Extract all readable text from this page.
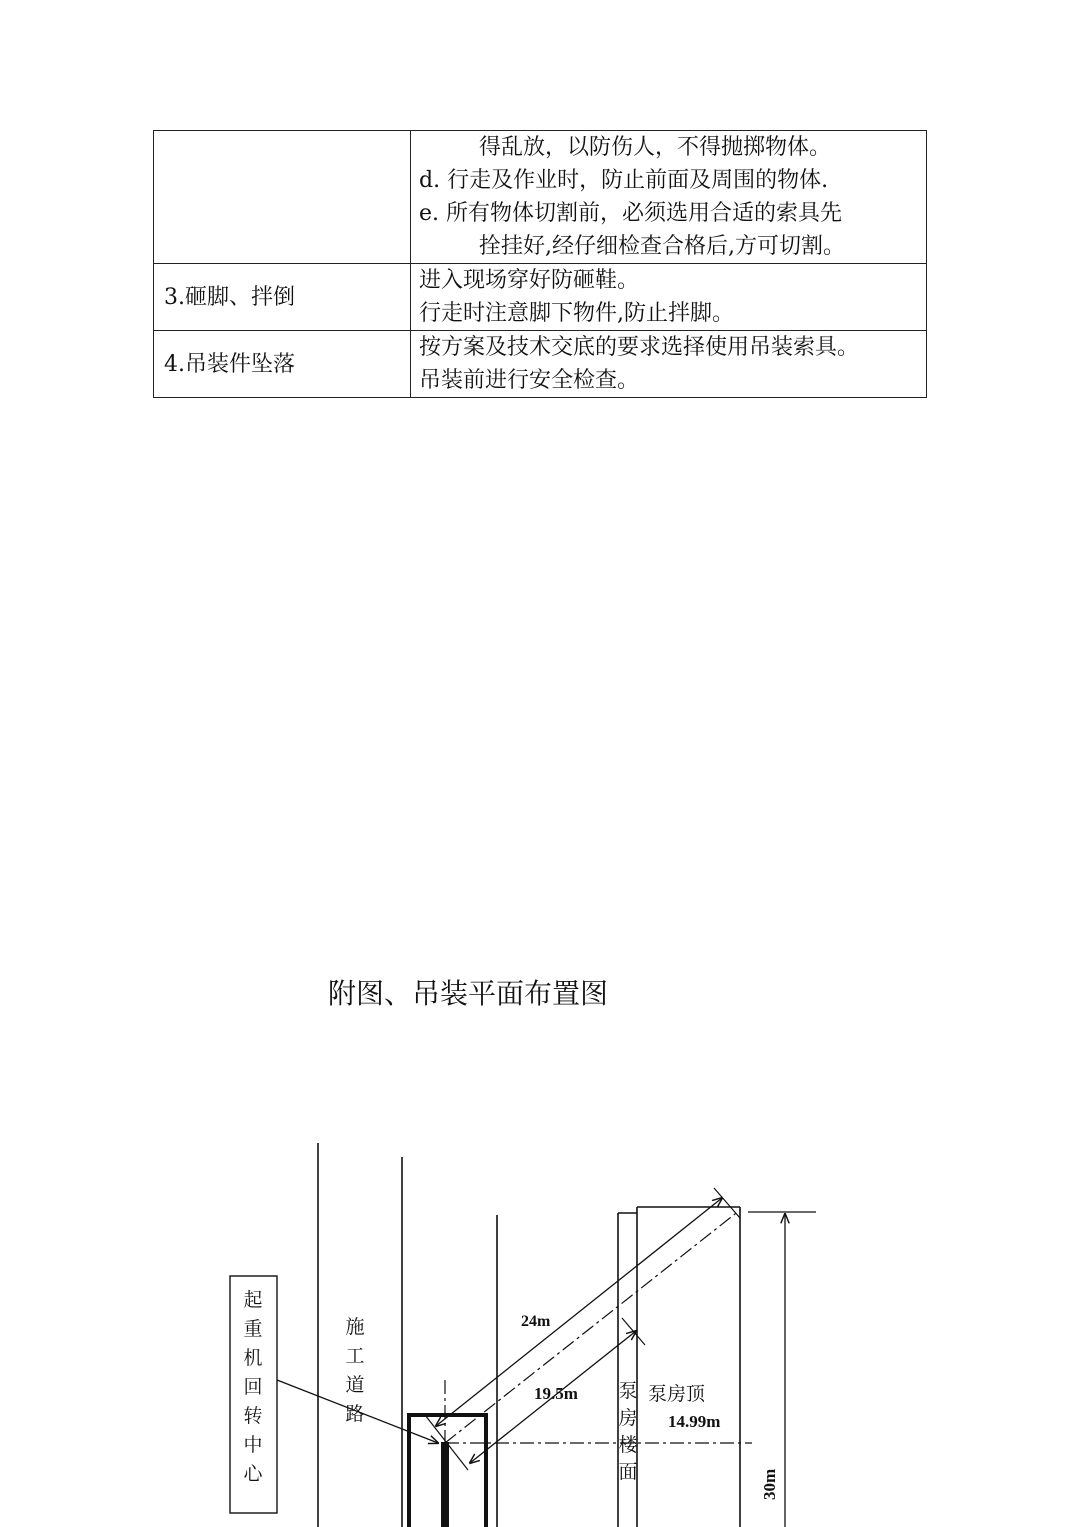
	得乱放，以防伤人，不得抛掷物体。
d. 行走及作业时，防止前面及周围的物体.
e. 所有物体切割前，必须选用合适的索具先
拴挂好,经仔细检查合格后,方可切割。

3.砸脚、拌倒	进入现场穿好防砸鞋。
行走时注意脚下物件,防止拌脚。

4.吊装件坠落	按方案及技术交底的要求选择使用吊装索具。
吊装前进行安全检查。
附图、吊装平面布置图
起
重
机
回
转
中
心
施
工
道
路
泵
房
楼
面
泵房顶
14.99m
24m
19.5m
30m
